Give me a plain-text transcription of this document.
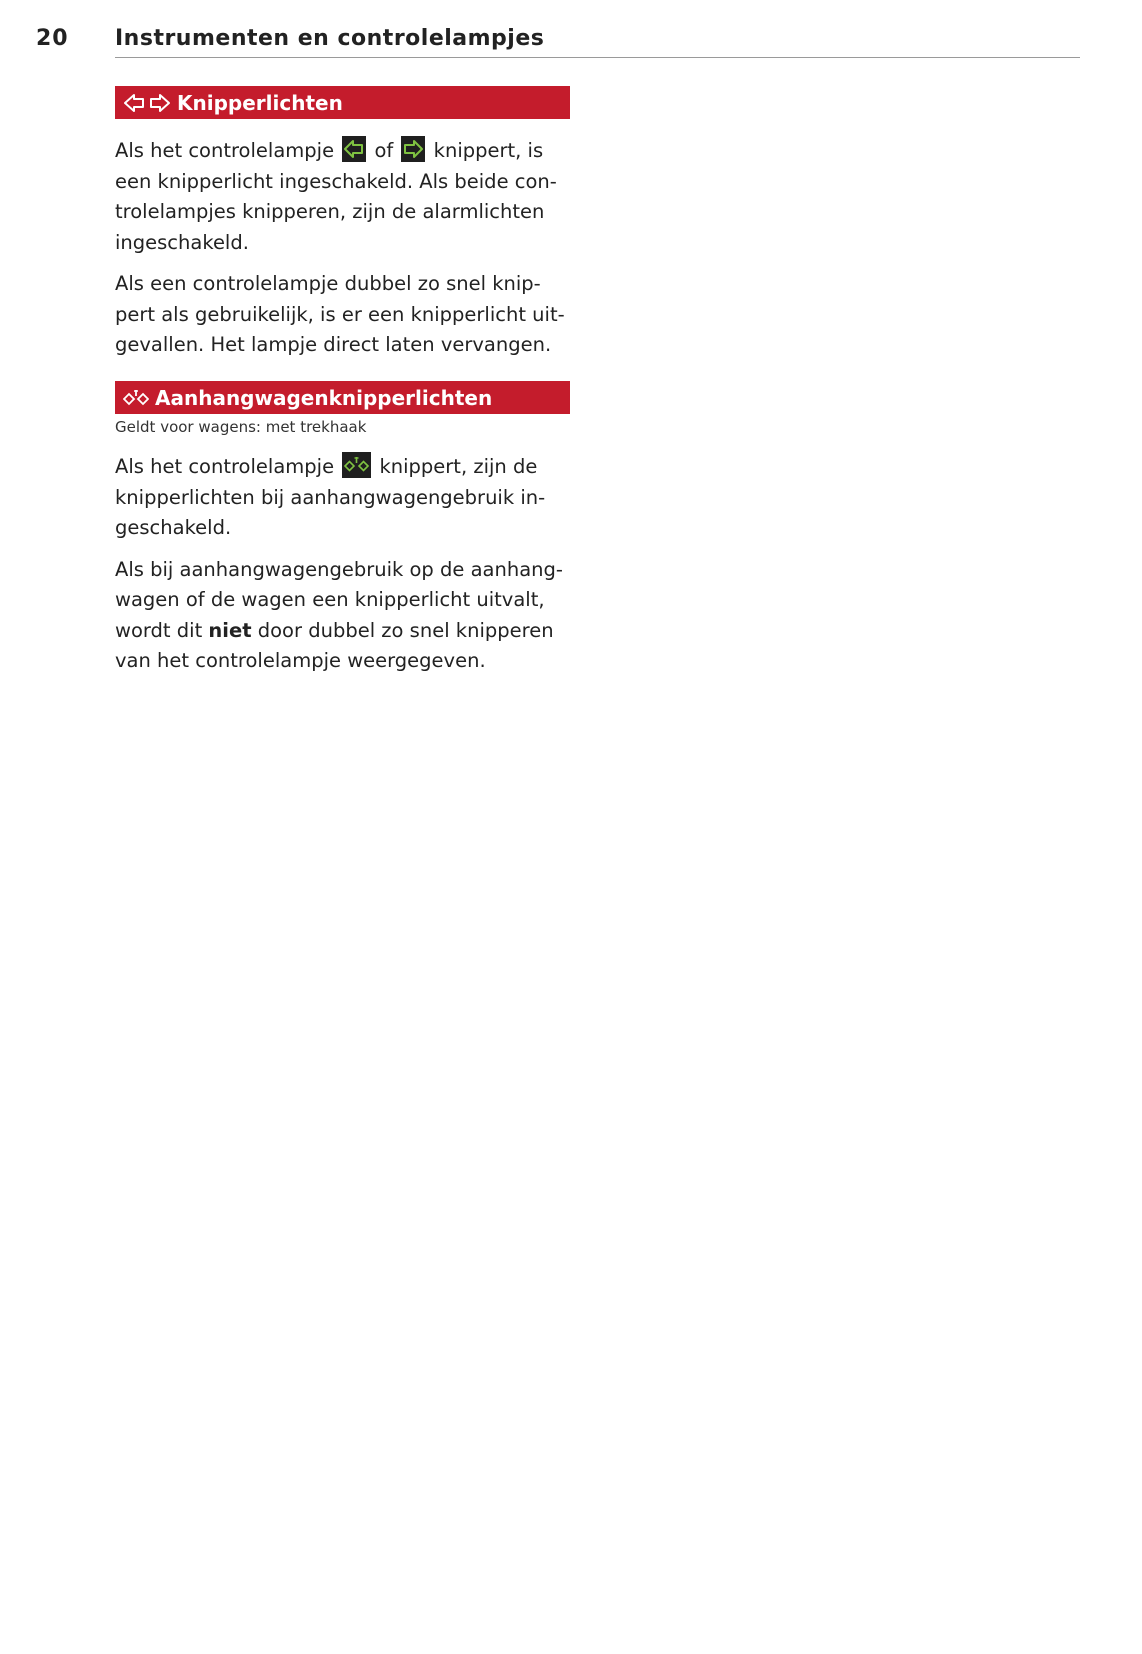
20 Instrumenten en controlelampjes
Knipperlichten

Als het controlelampje of knippert, is een knipperlicht ingeschakeld. Als beide controlelampjes knipperen, zijn de alarmlichten ingeschakeld.

Als een controlelampje dubbel zo snel knippert als gebruikelijk, is er een knipperlicht uitgevallen. Het lampje direct laten vervangen.

Aanhangwagenknipperlichten
Geldt voor wagens: met trekhaak

Als het controlelampje knippert, zijn de knipperlichten bij aanhangwagengebruik ingeschakeld.

Als bij aanhangwagengebruik op de aanhangwagen of de wagen een knipperlicht uitvalt, wordt dit niet door dubbel zo snel knipperen van het controlelampje weergegeven.
